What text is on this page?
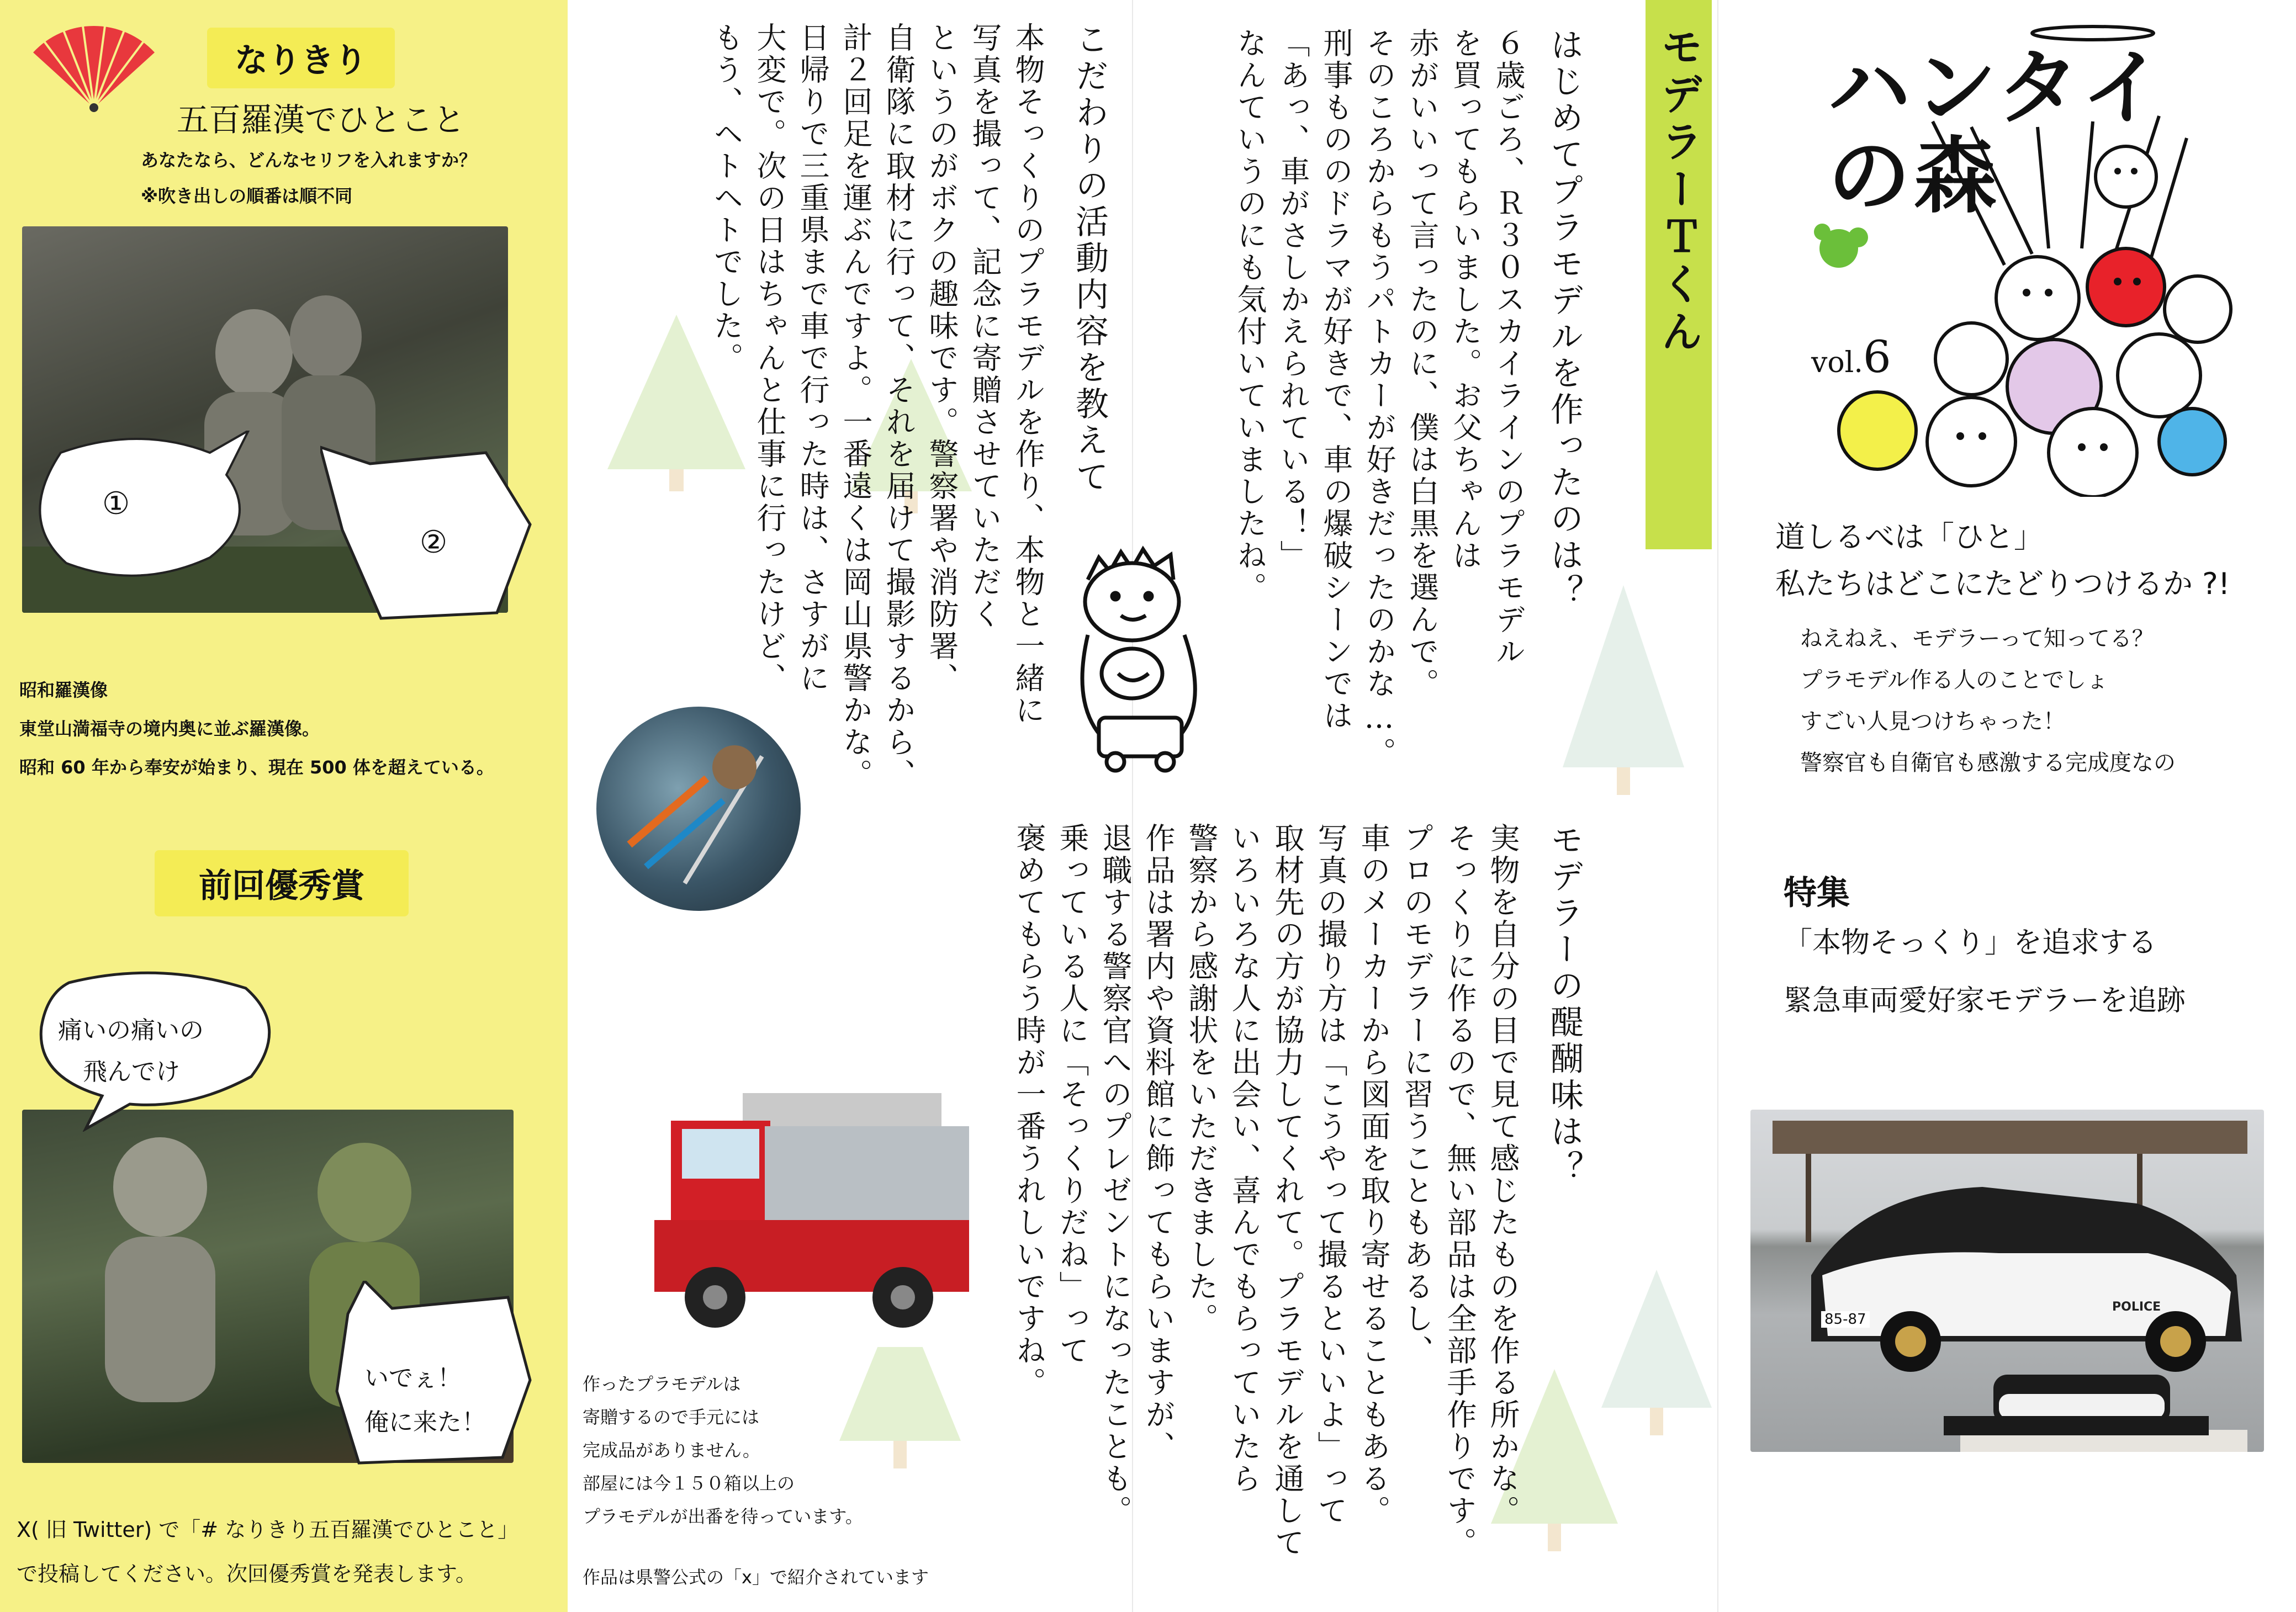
なりきり
五百羅漢でひとこと
あなたなら、どんなセリフを入れますか？
※吹き出しの順番は順不同
①
②
昭和羅漢像
東堂山満福寺の境内奥に並ぶ羅漢像。
昭和 60 年から奉安が始まり、現在 500 体を超えている。
前回優秀賞
痛いの痛いの
飛んでけ
いでぇ！
俺に来た！
X( 旧 Twitter) で「# なりきり五百羅漢でひとこと」
で投稿してください。次回優秀賞を発表します。
こだわりの活動内容を教えて
本物そっくりのプラモデルを作り、本物と一緒に
写真を撮って、記念に寄贈させていただく
というのがボクの趣味です。警察署や消防署、
自衛隊に取材に行って、それを届けて撮影するから、
計２回足を運ぶんですよ。一番遠くは岡山県警かな。
日帰りで三重県まで車で行った時は、さすがに
大変で。次の日はちゃんと仕事に行ったけど、
もう、ヘトヘトでした。
作ったプラモデルは
寄贈するので手元には
完成品がありません。
部屋には今１５０箱以上の
プラモデルが出番を待っています。
作品は県警公式の「x」で紹介されています
モデラーＴくん
はじめてプラモデルを作ったのは？
６歳ごろ、Ｒ３０スカイラインのプラモデル
を買ってもらいました。お父ちゃんは
赤がいいって言ったのに、僕は白黒を選んで。
そのころからもうパトカーが好きだったのかな…。
刑事もののドラマが好きで、車の爆破シーンでは
「あっ、車がさしかえられている！」
なんていうのにも気付いていましたね。
モデラーの醍醐味は？
実物を自分の目で見て感じたものを作る所かな。
そっくりに作るので、無い部品は全部手作りです。
プロのモデラーに習うこともあるし、
車のメーカーから図面を取り寄せることもある。
写真の撮り方は「こうやって撮るといいよ」って
取材先の方が協力してくれて。プラモデルを通して
いろいろな人に出会い、喜んでもらっていたら
警察から感謝状をいただきました。
作品は署内や資料館に飾ってもらいますが、
退職する警察官へのプレゼントになったことも。
乗っている人に「そっくりだね」って
褒めてもらう時が一番うれしいですね。
ハンタイの森
vol.6
道しるべは「ひと」
私たちはどこにたどりつけるか ?!
ねえねえ、モデラーって知ってる？
プラモデル作る人のことでしょ
すごい人見つけちゃった！
警察官も自衛官も感激する完成度なの
特集
「本物そっくり」を追求する
緊急車両愛好家モデラーを追跡
85-87
POLICE
